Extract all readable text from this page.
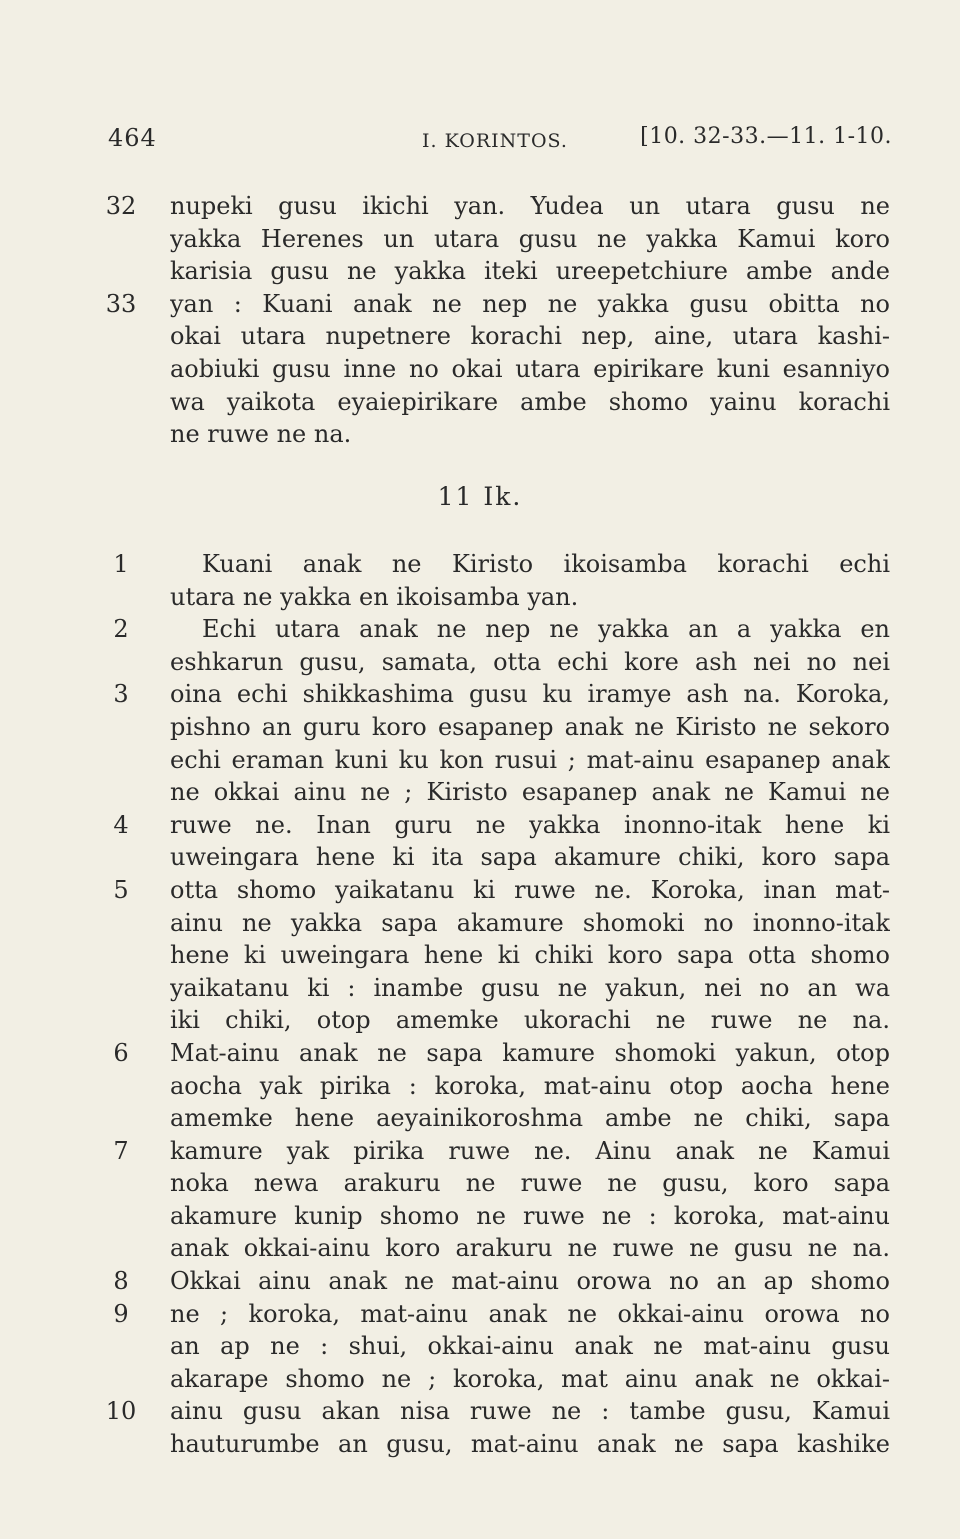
464	I. KORINTOS.	[10. 32-33.—11. 1-10.
32 nupeki gusu ikichi yan. Yudea un utara gusu ne
yakka Herenes un utara gusu ne yakka Kamui koro
karisia gusu ne yakka iteki ureepetchiure ambe ande
33 yan : Kuani anak ne nep ne yakka gusu obitta no
okai utara nupetnere korachi nep, aine, utara kashi-
aobiuki gusu inne no okai utara epirikare kuni esanniyo
wa yaikota eyaiepirikare ambe shomo yainu korachi
ne ruwe ne na.
11 Ik.
1	Kuani anak ne Kiristo ikoisamba korachi echi
utara ne yakka en ikoisamba yan.
2	Echi utara anak ne nep ne yakka an a yakka en
eshkarun gusu, samata, otta echi kore ash nei no nei
3	oina echi shikkashima gusu ku iramye ash na. Koroka,
pishno an guru koro esapanep anak ne Kiristo ne sekoro
echi eraman kuni ku kon rusui ; mat-ainu esapanep anak
ne okkai ainu ne ; Kiristo esapanep anak ne Kamui ne
4	ruwe ne. Inan guru ne yakka inonno-itak hene ki
uweingara hene ki ita sapa akamure chiki, koro sapa
5	otta shomo yaikatanu ki ruwe ne. Koroka, inan mat-
ainu ne yakka sapa akamure shomoki no inonno-itak
hene ki uweingara hene ki chiki koro sapa otta shomo
yaikatanu ki : inambe gusu ne yakun, nei no an wa
iki chiki, otop amemke ukorachi ne ruwe ne na.
6	Mat-ainu anak ne sapa kamure shomoki yakun, otop
aocha yak pirika : koroka, mat-ainu otop aocha hene
amemke hene aeyainikoroshma ambe ne chiki, sapa
7	kamure yak pirika ruwe ne. Ainu anak ne Kamui
noka newa arakuru ne ruwe ne gusu, koro sapa
akamure kunip shomo ne ruwe ne : koroka, mat-ainu
anak okkai-ainu koro arakuru ne ruwe ne gusu ne na.
8	Okkai ainu anak ne mat-ainu orowa no an ap shomo
9	ne ; koroka, mat-ainu anak ne okkai-ainu orowa no
an ap ne : shui, okkai-ainu anak ne mat-ainu gusu
akarape shomo ne ; koroka, mat ainu anak ne okkai-
10 ainu gusu akan nisa ruwe ne : tambe gusu, Kamui
hauturumbe an gusu, mat-ainu anak ne sapa kashike
